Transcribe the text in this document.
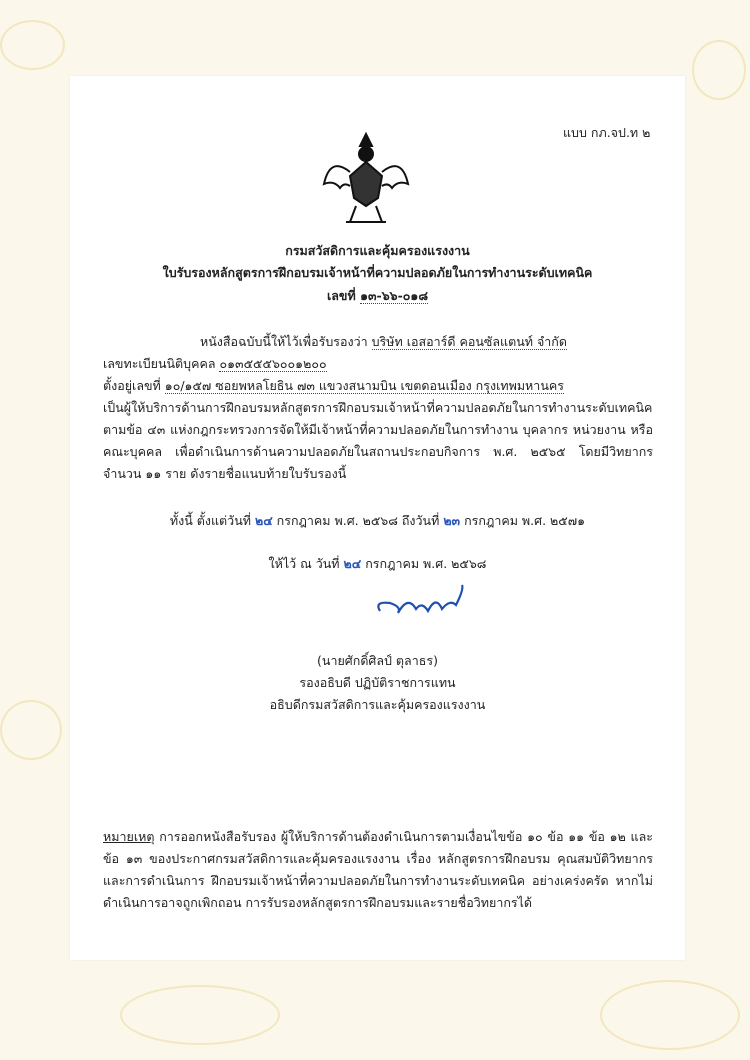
แบบ กภ.จป.ท ๒
กรมสวัสดิการและคุ้มครองแรงงาน
ใบรับรองหลักสูตรการฝึกอบรมเจ้าหน้าที่ความปลอดภัยในการทำงานระดับเทคนิค
เลขที่ ๑๓-๖๖-๐๑๘
หนังสือฉบับนี้ให้ไว้เพื่อรับรองว่า บริษัท เอสอาร์ดี คอนซัลแตนท์ จำกัด
เลขทะเบียนนิติบุคคล ๐๑๓๕๕๕๖๐๐๑๒๐๐
ตั้งอยู่เลขที่ ๑๐/๑๕๗ ซอยพหลโยธิน ๗๓ แขวงสนามบิน เขตดอนเมือง กรุงเทพมหานคร
เป็นผู้ให้บริการด้านการฝึกอบรมหลักสูตรการฝึกอบรมเจ้าหน้าที่ความปลอดภัยในการทำงานระดับเทคนิค ตามข้อ ๔๓ แห่งกฎกระทรวงการจัดให้มีเจ้าหน้าที่ความปลอดภัยในการทำงาน บุคลากร หน่วยงาน หรือคณะบุคคล เพื่อดำเนินการด้านความปลอดภัยในสถานประกอบกิจการ พ.ศ. ๒๕๖๕ โดยมีวิทยากร จำนวน ๑๑ ราย ดังรายชื่อแนบท้ายใบรับรองนี้
ทั้งนี้ ตั้งแต่วันที่ ๒๔ กรกฎาคม พ.ศ. ๒๕๖๘ ถึงวันที่ ๒๓ กรกฎาคม พ.ศ. ๒๕๗๑
ให้ไว้ ณ วันที่ ๒๔ กรกฎาคม พ.ศ. ๒๕๖๘
(นายศักดิ์ศิลป์ ตุลาธร)
รองอธิบดี ปฏิบัติราชการแทน
อธิบดีกรมสวัสดิการและคุ้มครองแรงงาน
หมายเหตุ การออกหนังสือรับรอง ผู้ให้บริการด้านต้องดำเนินการตามเงื่อนไขข้อ ๑๐ ข้อ ๑๑ ข้อ ๑๒ และข้อ ๑๓ ของประกาศกรมสวัสดิการและคุ้มครองแรงงาน เรื่อง หลักสูตรการฝึกอบรม คุณสมบัติวิทยากร และการดำเนินการ ฝึกอบรมเจ้าหน้าที่ความปลอดภัยในการทำงานระดับเทคนิค อย่างเคร่งครัด หากไม่ดำเนินการอาจถูกเพิกถอน การรับรองหลักสูตรการฝึกอบรมและรายชื่อวิทยากรได้
